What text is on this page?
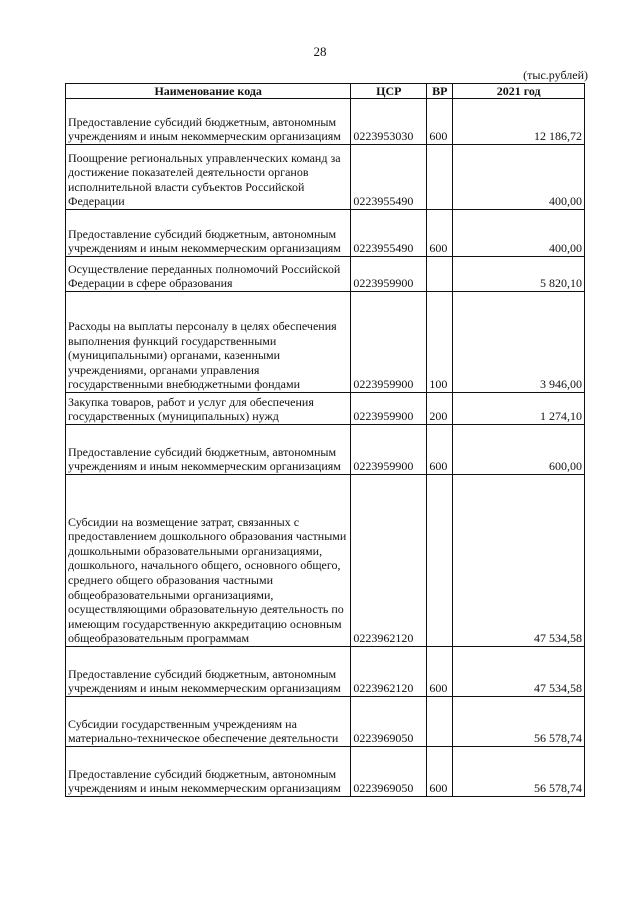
28
(тыс.рублей)
Наименование кода	ЦСР	ВР	2021 год
Предоставление субсидий бюджетным, автономным учреждениям и иным некоммерческим организациям	0223953030	600	12 186,72
Поощрение региональных управленческих команд за достижение показателей деятельности органов исполнительной власти субъектов Российской Федерации	0223955490		400,00
Предоставление субсидий бюджетным, автономным учреждениям и иным некоммерческим организациям	0223955490	600	400,00
Осуществление переданных полномочий Российской Федерации в сфере образования	0223959900		5 820,10
Расходы на выплаты персоналу в целях обеспечения выполнения функций государственными (муниципальными) органами, казенными учреждениями, органами управления государственными внебюджетными фондами	0223959900	100	3 946,00
Закупка товаров, работ и услуг для обеспечения государственных (муниципальных) нужд	0223959900	200	1 274,10
Предоставление субсидий бюджетным, автономным учреждениям и иным некоммерческим организациям	0223959900	600	600,00
Субсидии на возмещение затрат, связанных с предоставлением дошкольного образования частными дошкольными образовательными организациями, дошкольного, начального общего, основного общего, среднего общего образования частными общеобразовательными организациями, осуществляющими образовательную деятельность по имеющим государственную аккредитацию основным общеобразовательным программам	0223962120		47 534,58
Предоставление субсидий бюджетным, автономным учреждениям и иным некоммерческим организациям	0223962120	600	47 534,58
Субсидии государственным учреждениям на материально-техническое обеспечение деятельности	0223969050		56 578,74
Предоставление субсидий бюджетным, автономным учреждениям и иным некоммерческим организациям	0223969050	600	56 578,74
